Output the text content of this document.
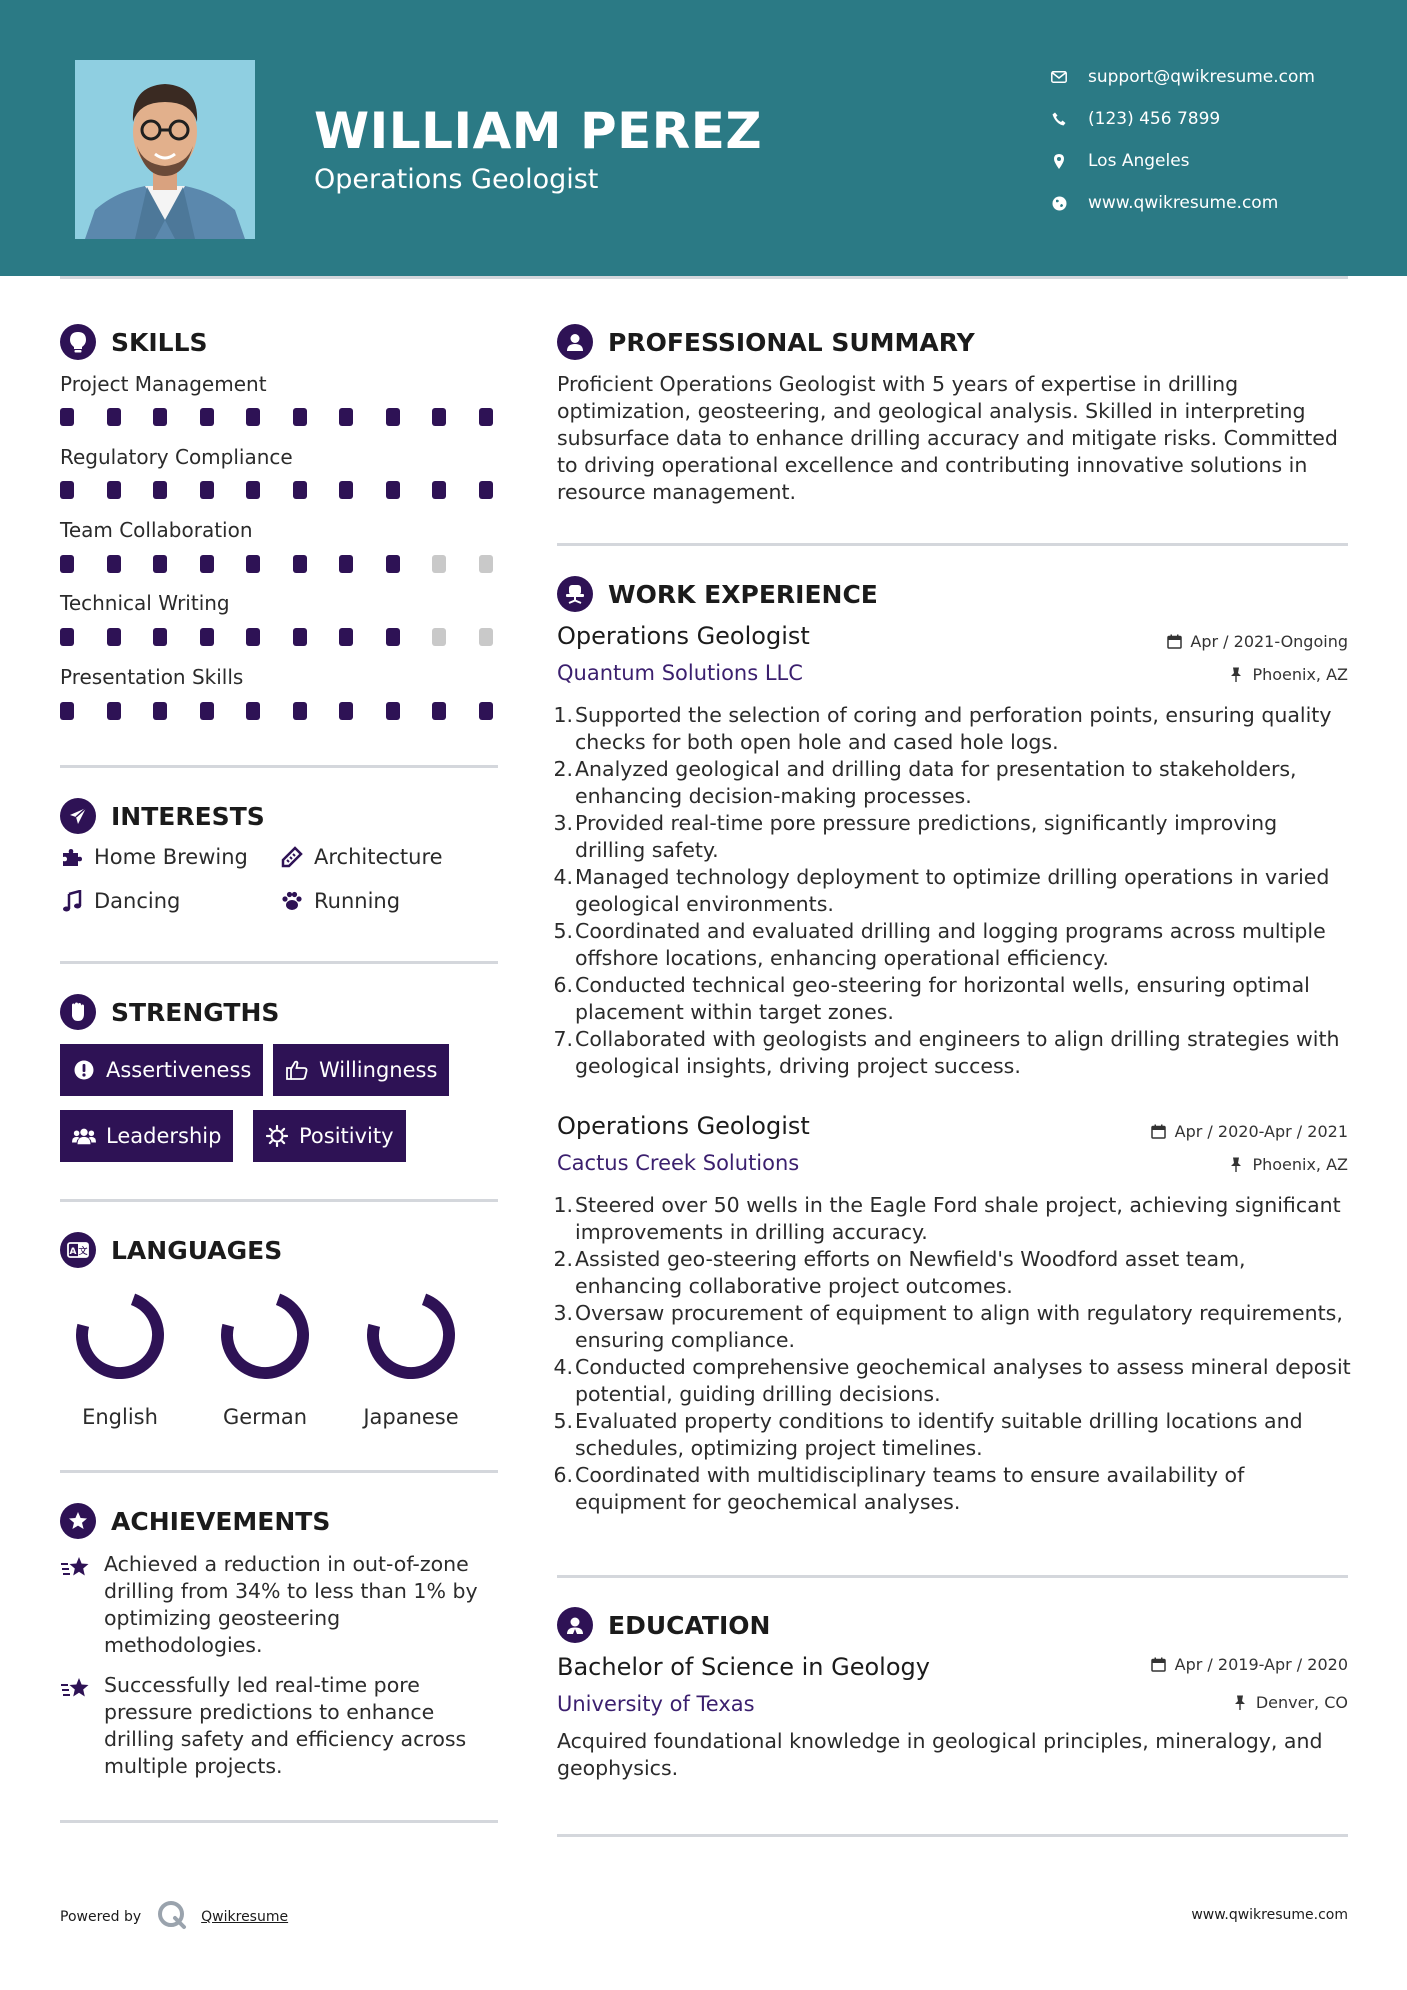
WILLIAM PEREZ
Operations Geologist
support@qwikresume.com
(123) 456 7899
Los Angeles
www.qwikresume.com
SKILLS
Project Management
Regulatory Compliance
Team Collaboration
Technical Writing
Presentation Skills
INTERESTS
Home Brewing	Architecture
Dancing	Running
STRENGTHS
Assertiveness	Willingness
Leadership	Positivity
A 文 LANGUAGES
English	German	Japanese
ACHIEVEMENTS
Achieved a reduction in out-of-zone drilling from 34% to less than 1% by optimizing geosteering methodologies.
Successfully led real-time pore pressure predictions to enhance drilling safety and efficiency across multiple projects.
PROFESSIONAL SUMMARY
Proficient Operations Geologist with 5 years of expertise in drilling optimization, geosteering, and geological analysis. Skilled in interpreting subsurface data to enhance drilling accuracy and mitigate risks. Committed to driving operational excellence and contributing innovative solutions in resource management.
WORK EXPERIENCE
Operations Geologist	Apr / 2021-Ongoing
Quantum Solutions LLC	Phoenix, AZ
1. Supported the selection of coring and perforation points, ensuring quality checks for both open hole and cased hole logs.
2. Analyzed geological and drilling data for presentation to stakeholders, enhancing decision-making processes.
3. Provided real-time pore pressure predictions, significantly improving drilling safety.
4. Managed technology deployment to optimize drilling operations in varied geological environments.
5. Coordinated and evaluated drilling and logging programs across multiple offshore locations, enhancing operational efficiency.
6. Conducted technical geo-steering for horizontal wells, ensuring optimal placement within target zones.
7. Collaborated with geologists and engineers to align drilling strategies with geological insights, driving project success.
Operations Geologist	Apr / 2020-Apr / 2021
Cactus Creek Solutions	Phoenix, AZ
1. Steered over 50 wells in the Eagle Ford shale project, achieving significant improvements in drilling accuracy.
2. Assisted geo-steering efforts on Newfield's Woodford asset team, enhancing collaborative project outcomes.
3. Oversaw procurement of equipment to align with regulatory requirements, ensuring compliance.
4. Conducted comprehensive geochemical analyses to assess mineral deposit potential, guiding drilling decisions.
5. Evaluated property conditions to identify suitable drilling locations and schedules, optimizing project timelines.
6. Coordinated with multidisciplinary teams to ensure availability of equipment for geochemical analyses.
EDUCATION
Bachelor of Science in Geology	Apr / 2019-Apr / 2020
University of Texas	Denver, CO
Acquired foundational knowledge in geological principles, mineralogy, and geophysics.
Powered by	Qwikresume	www.qwikresume.com
